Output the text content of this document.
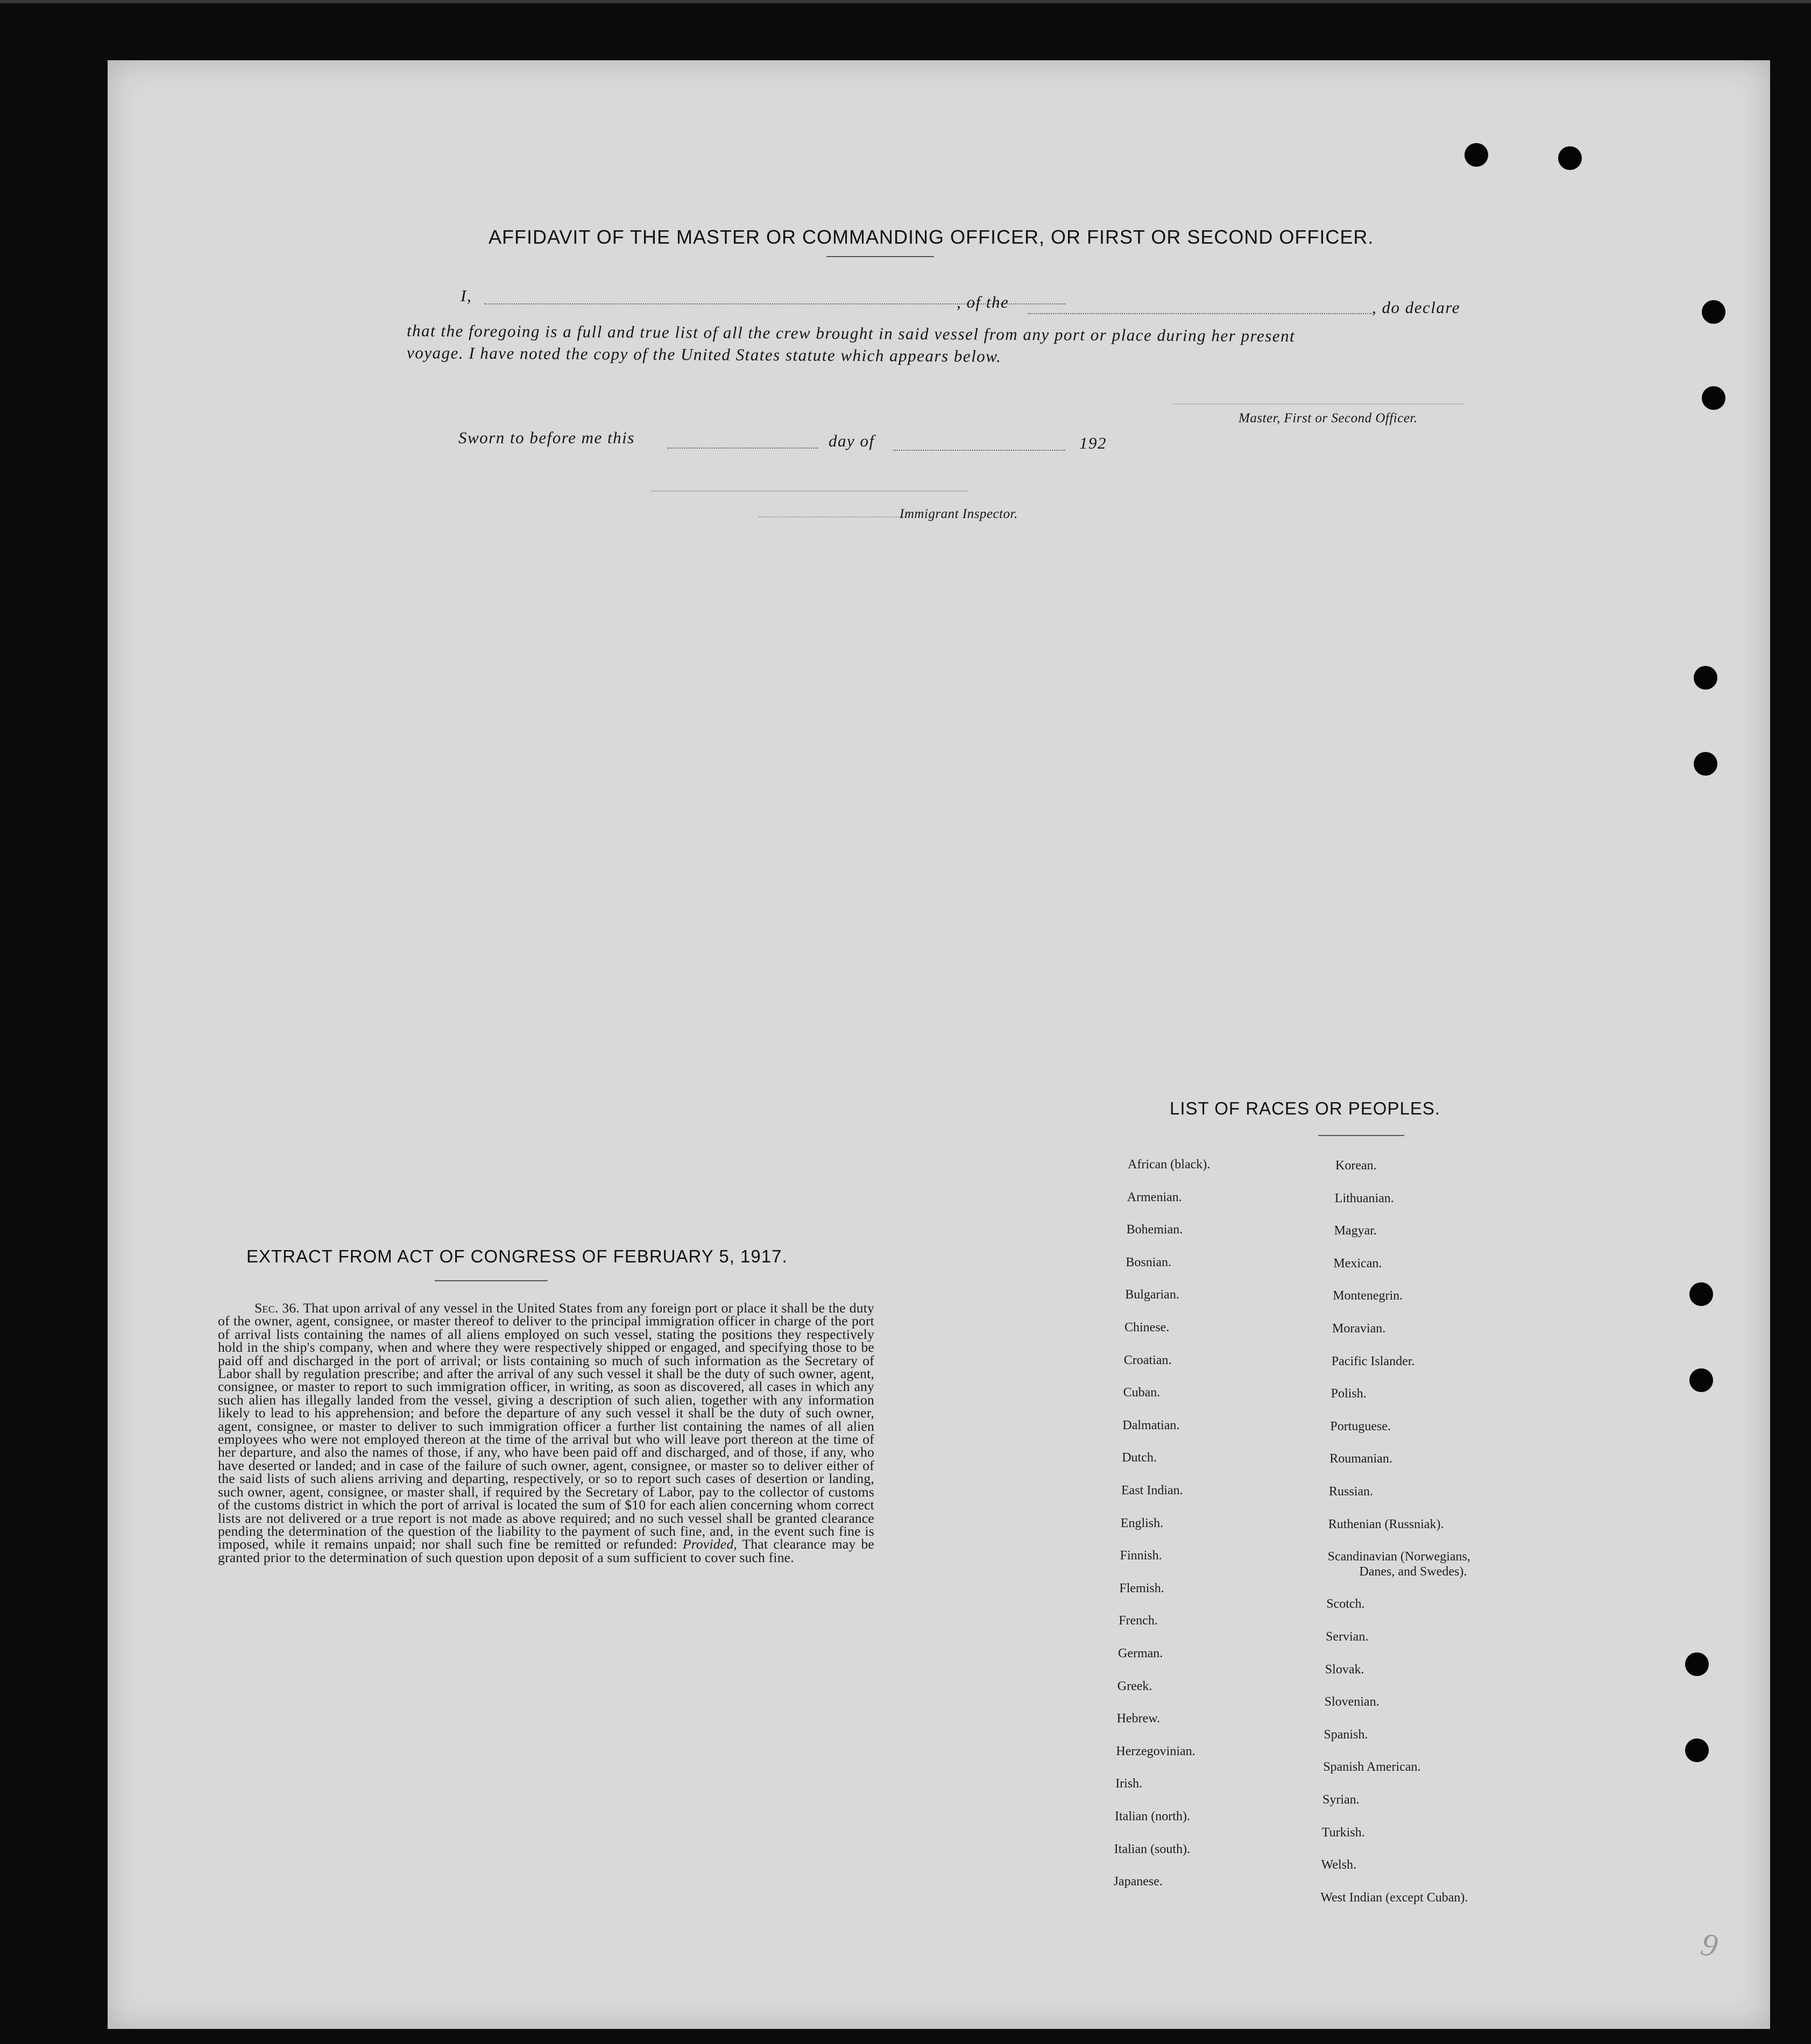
AFFIDAVIT OF THE MASTER OR COMMANDING OFFICER, OR FIRST OR SECOND OFFICER.
I,	, of the	, do declare
that the foregoing is a full and true list of all the crew brought in said vessel from any port or place during her present
voyage. I have noted the copy of the United States statute which appears below.
Master, First or Second Officer.
Sworn to before me this	day of	192
Immigrant Inspector.
EXTRACT FROM ACT OF CONGRESS OF FEBRUARY 5, 1917.
LIST OF RACES OR PEOPLES.
9
Sec. 36. That upon arrival of any vessel in the United States from any foreign port or place it shall be the duty of the owner, agent, consignee, or master thereof to deliver to the principal immigration officer in charge of the port of arrival lists containing the names of all aliens employed on such vessel, stating the positions they respectively hold in the ship's company, when and where they were respectively shipped or engaged, and specifying those to be paid off and discharged in the port of arrival; or lists containing so much of such information as the Secretary of Labor shall by regulation prescribe; and after the arrival of any such vessel it shall be the duty of such owner, agent, consignee, or master to report to such immigration officer, in writing, as soon as discovered, all cases in which any such alien has illegally landed from the vessel, giving a description of such alien, together with any information likely to lead to his apprehension; and before the departure of any such vessel it shall be the duty of such owner, agent, consignee, or master to deliver to such immigration officer a further list containing the names of all alien employees who were not employed thereon at the time of the arrival but who will leave port thereon at the time of her departure, and also the names of those, if any, who have been paid off and discharged, and of those, if any, who have deserted or landed; and in case of the failure of such owner, agent, consignee, or master so to deliver either of the said lists of such aliens arriving and departing, respectively, or so to report such cases of desertion or landing, such owner, agent, consignee, or master shall, if required by the Secretary of Labor, pay to the collector of customs of the customs district in which the port of arrival is located the sum of $10 for each alien concerning whom correct lists are not delivered or a true report is not made as above required; and no such vessel shall be granted clearance pending the determination of the question of the liability to the payment of such fine, and, in the event such fine is imposed, while it remains unpaid; nor shall such fine be remitted or refunded: Provided, That clearance may be granted prior to the determination of such question upon deposit of a sum sufficient to cover such fine.
African (black).
Armenian.
Bohemian.
Bosnian.
Bulgarian.
Chinese.
Croatian.
Cuban.
Dalmatian.
Dutch.
East Indian.
English.
Finnish.
Flemish.
French.
German.
Greek.
Hebrew.
Herzegovinian.
Irish.
Italian (north).
Italian (south).
Japanese.
Korean.
Lithuanian.
Magyar.
Mexican.
Montenegrin.
Moravian.
Pacific Islander.
Polish.
Portuguese.
Roumanian.
Russian.
Ruthenian (Russniak).
Scandinavian (Norwegians,
Danes, and Swedes).
Scotch.
Servian.
Slovak.
Slovenian.
Spanish.
Spanish American.
Syrian.
Turkish.
Welsh.
West Indian (except Cuban).
